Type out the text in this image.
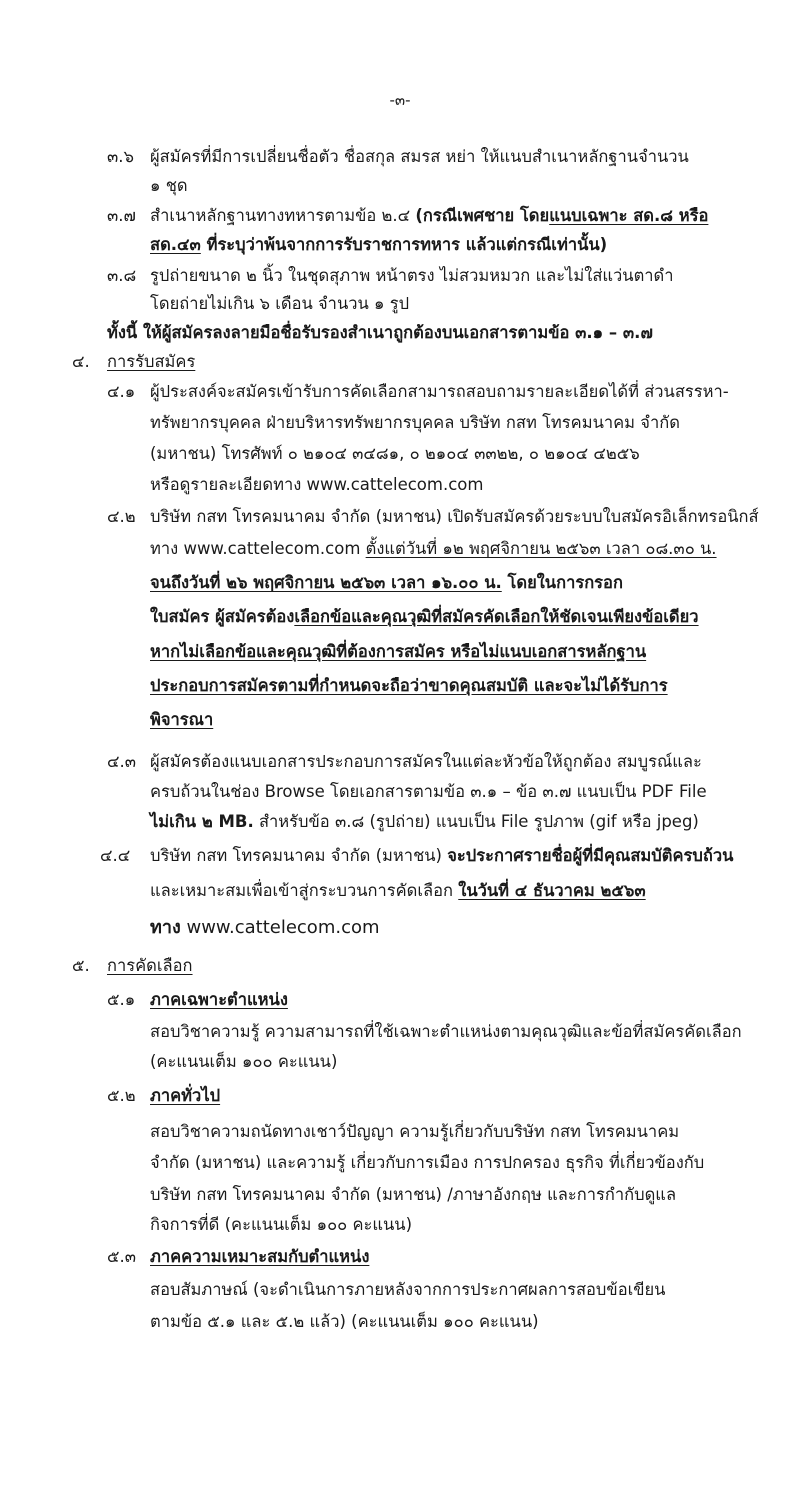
-๓-
๓.๖ ผู้สมัครที่มีการเปลี่ยนชื่อตัว ชื่อสกุล สมรส หย่า ให้แนบสำเนาหลักฐานจำนวน
๑ ชุด
๓.๗ สำเนาหลักฐานทางทหารตามข้อ ๒.๔ (กรณีเพศชาย โดยแนบเฉพาะ สด.๘ หรือ
สด.๔๓ ที่ระบุว่าพ้นจากการรับราชการทหาร แล้วแต่กรณีเท่านั้น)
๓.๘ รูปถ่ายขนาด ๒ นิ้ว ในชุดสุภาพ หน้าตรง ไม่สวมหมวก และไม่ใส่แว่นตาดำ
โดยถ่ายไม่เกิน ๖ เดือน จำนวน ๑ รูป
ทั้งนี้ ให้ผู้สมัครลงลายมือชื่อรับรองสำเนาถูกต้องบนเอกสารตามข้อ ๓.๑ – ๓.๗
๔. การรับสมัคร
๔.๑ ผู้ประสงค์จะสมัครเข้ารับการคัดเลือกสามารถสอบถามรายละเอียดได้ที่ ส่วนสรรหา-
ทรัพยากรบุคคล ฝ่ายบริหารทรัพยากรบุคคล บริษัท กสท โทรคมนาคม จำกัด
(มหาชน) โทรศัพท์ ๐ ๒๑๐๔ ๓๔๘๑, ๐ ๒๑๐๔ ๓๓๒๒, ๐ ๒๑๐๔ ๔๒๕๖
หรือดูรายละเอียดทาง www.cattelecom.com
๔.๒ บริษัท กสท โทรคมนาคม จำกัด (มหาชน) เปิดรับสมัครด้วยระบบใบสมัครอิเล็กทรอนิกส์
ทาง www.cattelecom.com ตั้งแต่วันที่ ๑๒ พฤศจิกายน ๒๕๖๓ เวลา ๐๘.๓๐ น.
จนถึงวันที่ ๒๖ พฤศจิกายน ๒๕๖๓ เวลา ๑๖.๐๐ น. โดยในการกรอก
ใบสมัคร ผู้สมัครต้องเลือกข้อและคุณวุฒิที่สมัครคัดเลือกให้ชัดเจนเพียงข้อเดียว
หากไม่เลือกข้อและคุณวุฒิที่ต้องการสมัคร หรือไม่แนบเอกสารหลักฐาน
ประกอบการสมัครตามที่กำหนดจะถือว่าขาดคุณสมบัติ และจะไม่ได้รับการ
พิจารณา
๔.๓ ผู้สมัครต้องแนบเอกสารประกอบการสมัครในแต่ละหัวข้อให้ถูกต้อง สมบูรณ์และ
ครบถ้วนในช่อง Browse โดยเอกสารตามข้อ ๓.๑ – ข้อ ๓.๗ แนบเป็น PDF File
ไม่เกิน ๒ MB. สำหรับข้อ ๓.๘ (รูปถ่าย) แนบเป็น File รูปภาพ (gif หรือ jpeg)
๔.๔ บริษัท กสท โทรคมนาคม จำกัด (มหาชน) จะประกาศรายชื่อผู้ที่มีคุณสมบัติครบถ้วน
และเหมาะสมเพื่อเข้าสู่กระบวนการคัดเลือก ในวันที่ ๔ ธันวาคม ๒๕๖๓
ทาง www.cattelecom.com
๕. การคัดเลือก
๕.๑ ภาคเฉพาะตำแหน่ง
สอบวิชาความรู้ ความสามารถที่ใช้เฉพาะตำแหน่งตามคุณวุฒิและข้อที่สมัครคัดเลือก
(คะแนนเต็ม ๑๐๐ คะแนน)
๕.๒ ภาคทั่วไป
สอบวิชาความถนัดทางเชาว์ปัญญา ความรู้เกี่ยวกับบริษัท กสท โทรคมนาคม
จำกัด (มหาชน) และความรู้ เกี่ยวกับการเมือง การปกครอง ธุรกิจ ที่เกี่ยวข้องกับ
บริษัท กสท โทรคมนาคม จำกัด (มหาชน) /ภาษาอังกฤษ และการกำกับดูแล
กิจการที่ดี (คะแนนเต็ม ๑๐๐ คะแนน)
๕.๓ ภาคความเหมาะสมกับตำแหน่ง
สอบสัมภาษณ์ (จะดำเนินการภายหลังจากการประกาศผลการสอบข้อเขียน
ตามข้อ ๕.๑ และ ๕.๒ แล้ว) (คะแนนเต็ม ๑๐๐ คะแนน)
